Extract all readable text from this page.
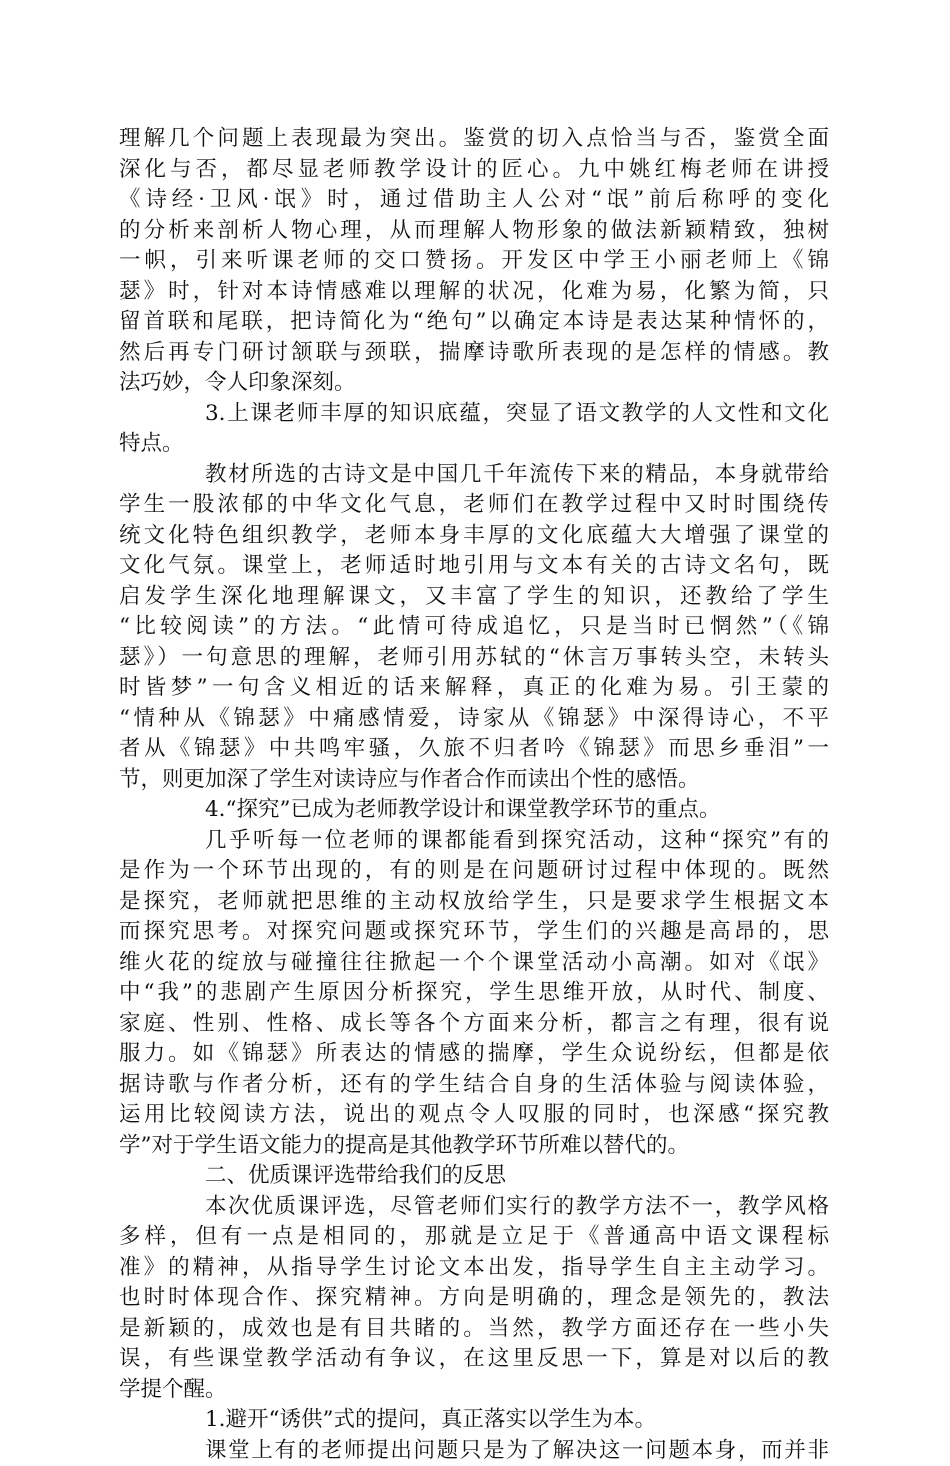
理解几个问题上表现最为突出。鉴赏的切入点恰当与否，鉴赏全面
深化与否，都尽显老师教学设计的匠心。九中姚红梅老师在讲授
《诗经·卫风·氓》时，通过借助主人公对“氓”前后称呼的变化
的分析来剖析人物心理，从而理解人物形象的做法新颖精致，独树
一帜，引来听课老师的交口赞扬。开发区中学王小丽老师上《锦
瑟》时，针对本诗情感难以理解的状况，化难为易，化繁为简，只
留首联和尾联，把诗简化为“绝句”以确定本诗是表达某种情怀的，
然后再专门研讨颔联与颈联，揣摩诗歌所表现的是怎样的情感。教
法巧妙，令人印象深刻。
3.上课老师丰厚的知识底蕴，突显了语文教学的人文性和文化
特点。
教材所选的古诗文是中国几千年流传下来的精品，本身就带给
学生一股浓郁的中华文化气息，老师们在教学过程中又时时围绕传
统文化特色组织教学，老师本身丰厚的文化底蕴大大增强了课堂的
文化气氛。课堂上，老师适时地引用与文本有关的古诗文名句，既
启发学生深化地理解课文，又丰富了学生的知识，还教给了学生
“比较阅读”的方法。“此情可待成追忆，只是当时已惘然”（《锦
瑟》）一句意思的理解，老师引用苏轼的“休言万事转头空，未转头
时皆梦”一句含义相近的话来解释，真正的化难为易。引王蒙的
“情种从《锦瑟》中痛感情爱，诗家从《锦瑟》中深得诗心，不平
者从《锦瑟》中共鸣牢骚，久旅不归者吟《锦瑟》而思乡垂泪”一
节，则更加深了学生对读诗应与作者合作而读出个性的感悟。
4.“探究”已成为老师教学设计和课堂教学环节的重点。
几乎听每一位老师的课都能看到探究活动，这种“探究”有的
是作为一个环节出现的，有的则是在问题研讨过程中体现的。既然
是探究，老师就把思维的主动权放给学生，只是要求学生根据文本
而探究思考。对探究问题或探究环节，学生们的兴趣是高昂的，思
维火花的绽放与碰撞往往掀起一个个课堂活动小高潮。如对《氓》
中“我”的悲剧产生原因分析探究，学生思维开放，从时代、制度、
家庭、性别、性格、成长等各个方面来分析，都言之有理，很有说
服力。如《锦瑟》所表达的情感的揣摩，学生众说纷纭，但都是依
据诗歌与作者分析，还有的学生结合自身的生活体验与阅读体验，
运用比较阅读方法，说出的观点令人叹服的同时，也深感“探究教
学”对于学生语文能力的提高是其他教学环节所难以替代的。
二、优质课评选带给我们的反思
本次优质课评选，尽管老师们实行的教学方法不一，教学风格
多样，但有一点是相同的，那就是立足于《普通高中语文课程标
准》的精神，从指导学生讨论文本出发，指导学生自主主动学习。
也时时体现合作、探究精神。方向是明确的，理念是领先的，教法
是新颖的，成效也是有目共睹的。当然，教学方面还存在一些小失
误，有些课堂教学活动有争议，在这里反思一下，算是对以后的教
学提个醒。
1.避开“诱供”式的提问，真正落实以学生为本。
课堂上有的老师提出问题只是为了解决这一问题本身，而并非
